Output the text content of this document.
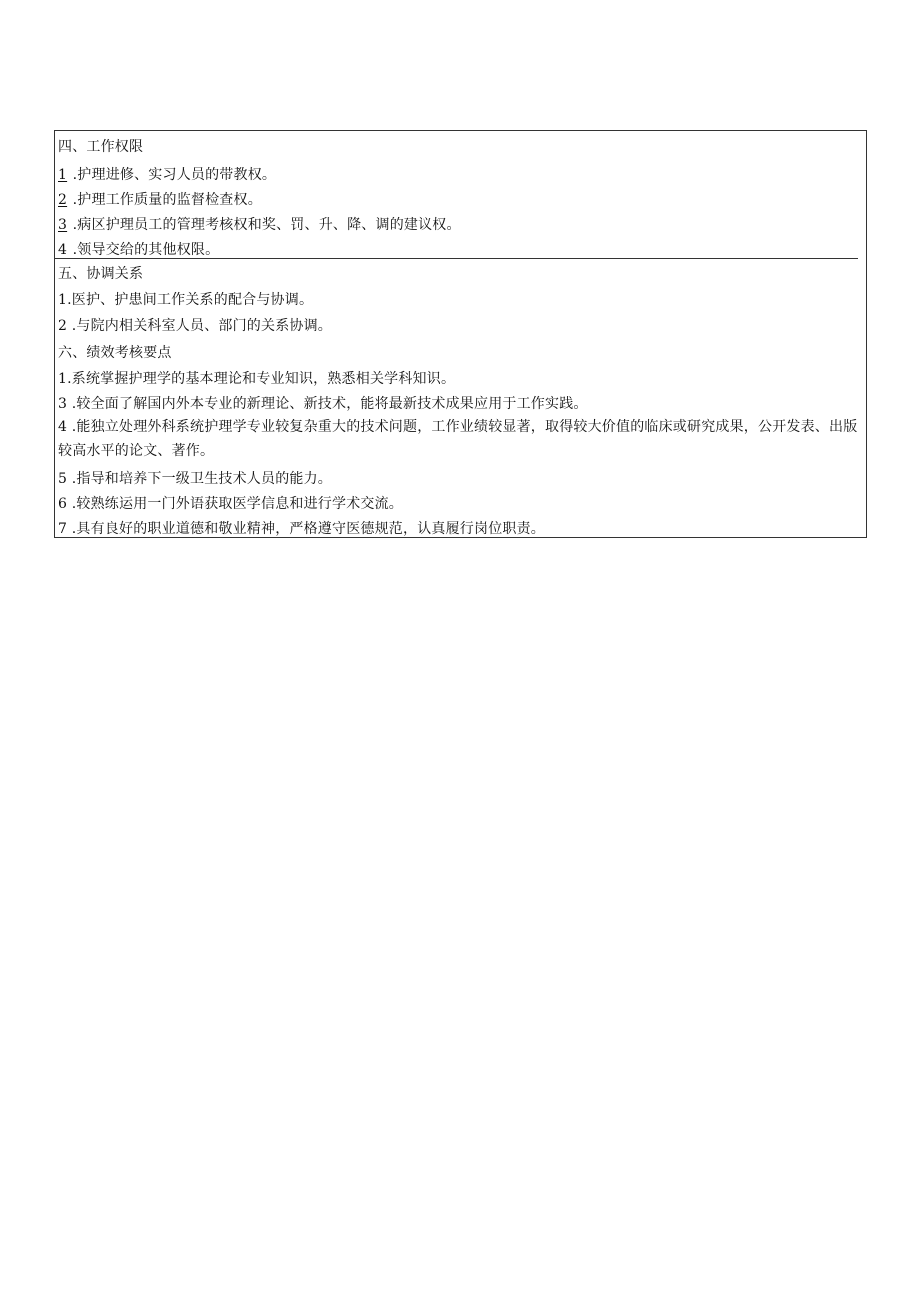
四、工作权限
1 .护理进修、实习人员的带教权。
2 .护理工作质量的监督检查权。
3 .病区护理员工的管理考核权和奖、罚、升、降、调的建议权。
4 .领导交给的其他权限。
五、协调关系
1.医护、护患间工作关系的配合与协调。
2 .与院内相关科室人员、部门的关系协调。
六、绩效考核要点
1.系统掌握护理学的基本理论和专业知识，熟悉相关学科知识。
3 .较全面了解国内外本专业的新理论、新技术，能将最新技术成果应用于工作实践。
4 .能独立处理外科系统护理学专业较复杂重大的技术问题，工作业绩较显著，取得较大价值的临床或研究成果，公开发表、出版较高水平的论文、著作。
5 .指导和培养下一级卫生技术人员的能力。
6 .较熟练运用一门外语获取医学信息和进行学术交流。
7 .具有良好的职业道德和敬业精神，严格遵守医德规范，认真履行岗位职责。
